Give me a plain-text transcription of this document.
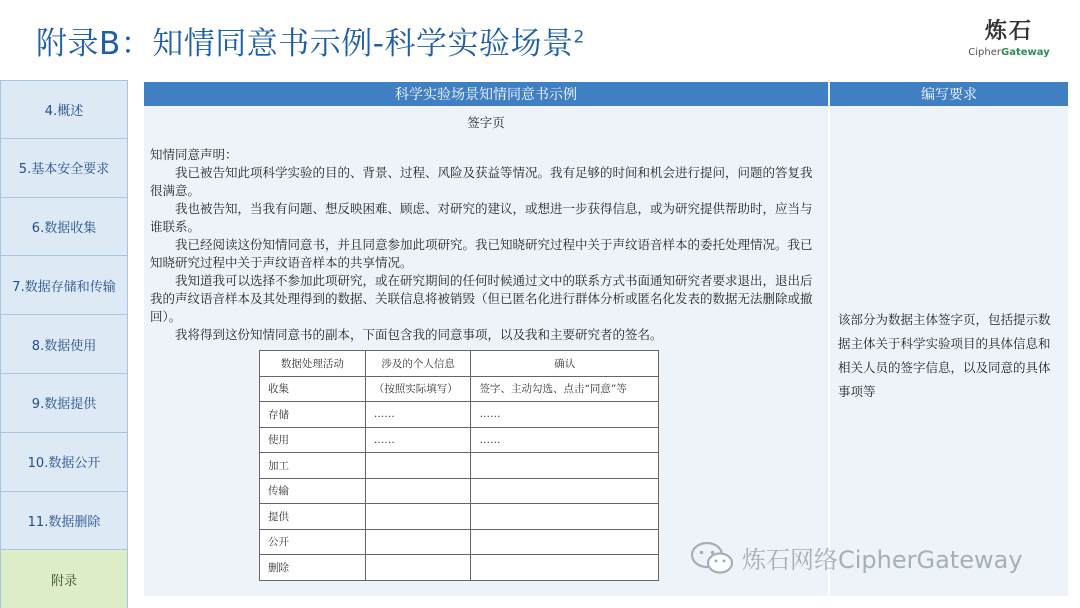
附录B：知情同意书示例-科学实验场景$^2$	炼石
CipherGateway
4.概述
5.基本安全要求
6.数据收集
7.数据存储和传输
8.数据使用
9.数据提供
10.数据公开
11.数据删除
附录
科学实验场景知情同意书示例	编写要求
签字页
知情同意声明：
我已被告知此项科学实验的目的、背景、过程、风险及获益等情况。我有足够的时间和机会进行提问，问题的答复我很满意。
我也被告知，当我有问题、想反映困难、顾虑、对研究的建议，或想进一步获得信息，或为研究提供帮助时，应当与谁联系。
我已经阅读这份知情同意书，并且同意参加此项研究。我已知晓研究过程中关于声纹语音样本的委托处理情况。我已知晓研究过程中关于声纹语音样本的共享情况。
我知道我可以选择不参加此项研究，或在研究期间的任何时候通过文中的联系方式书面通知研究者要求退出，退出后我的声纹语音样本及其处理得到的数据、关联信息将被销毁（但已匿名化进行群体分析或匿名化发表的数据无法删除或撤回）。
我将得到这份知情同意书的副本，下面包含我的同意事项，以及我和主要研究者的签名。
数据处理活动	涉及的个人信息	确认
收集	（按照实际填写）	签字、主动勾选、点击“同意”等
存储	……	……
使用	……	……
加工		
传输		
提供		
公开		
删除		
该部分为数据主体签字页，包括提示数据主体关于科学实验项目的具体信息和相关人员的签字信息，以及同意的具体事项等
炼石网络CipherGateway
